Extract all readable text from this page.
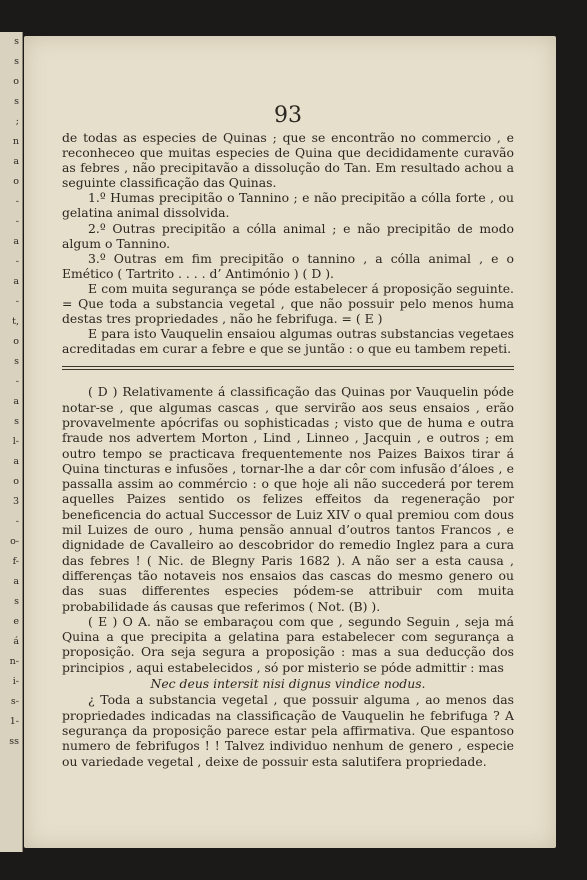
s
s
o
s
;
n
a
o
-
-
a
-
a
-
t,
o
s
-
a
s
l-
a
o
3
-
o-
f-
a
s
e
á
n-
i-
s-
1-
ss
93

de todas as especies de Quinas ; que se encontrão no commercio , e reconheceo que muitas especies de Quina que decididamente curavão as febres , não precipitavão a dissolução do Tan. Em resultado achou a seguinte classificação das Quinas.

1.º Humas precipitão o Tannino ; e não precipitão a cólla forte , ou gelatina animal dissolvida.

2.º Outras precipitão a cólla animal ; e não precipitão de modo algum o Tannino.

3.º Outras em fim precipitão o tannino , a cólla animal , e o Emético ( Tartrito . . . . d’ Antimónio ) ( D ).

E com muita segurança se póde estabelecer á proposição seguinte. = Que toda a substancia vegetal , que não possuir pelo menos huma destas tres propriedades , não he febrifuga. = ( E )

E para isto Vauquelin ensaiou algumas outras substancias vegetaes acreditadas em curar a febre e que se juntão : o que eu tambem repeti.

( D ) Relativamente á classificação das Quinas por Vauquelin póde notar-se , que algumas cascas , que servirão aos seus ensaios , erão provavelmente apócrifas ou sophisticadas ; visto que de huma e outra fraude nos advertem Morton , Lind , Linneo , Jacquin , e outros ; em outro tempo se practicava frequentemente nos Paizes Baixos tirar á Quina tincturas e infusões , tornar-lhe a dar côr com infusão d’áloes , e passalla assim ao commércio : o que hoje ali não succederá por terem aquelles Paizes sentido os felizes effeitos da regeneração por beneficencia do actual Successor de Luiz XIV o qual premiou com dous mil Luizes de ouro , huma pensão annual d’outros tantos Francos , e dignidade de Cavalleiro ao descobridor do remedio Inglez para a cura das febres ! ( Nic. de Blegny Paris 1682 ). A não ser a esta causa , differenças tão notaveis nos ensaios das cascas do mesmo genero ou das suas differentes especies pódem-se attribuir com muita probabilidade ás causas que referimos ( Not. (B) ).

( E ) O A. não se embaraçou com que , segundo Seguin , seja má Quina a que precipita a gelatina para estabelecer com segurança a proposição. Ora seja segura a proposição : mas a sua deducção dos principios , aqui estabelecidos , só por misterio se póde admittir : mas

Nec deus intersit nisi dignus vindice nodus.

¿ Toda a substancia vegetal , que possuir alguma , ao menos das propriedades indicadas na classificação de Vauquelin he febrifuga ? A segurança da proposição parece estar pela affirmativa. Que espantoso numero de febrifugos ! ! Talvez individuo nenhum de genero , especie ou variedade vegetal , deixe de possuir esta salutifera propriedade.
